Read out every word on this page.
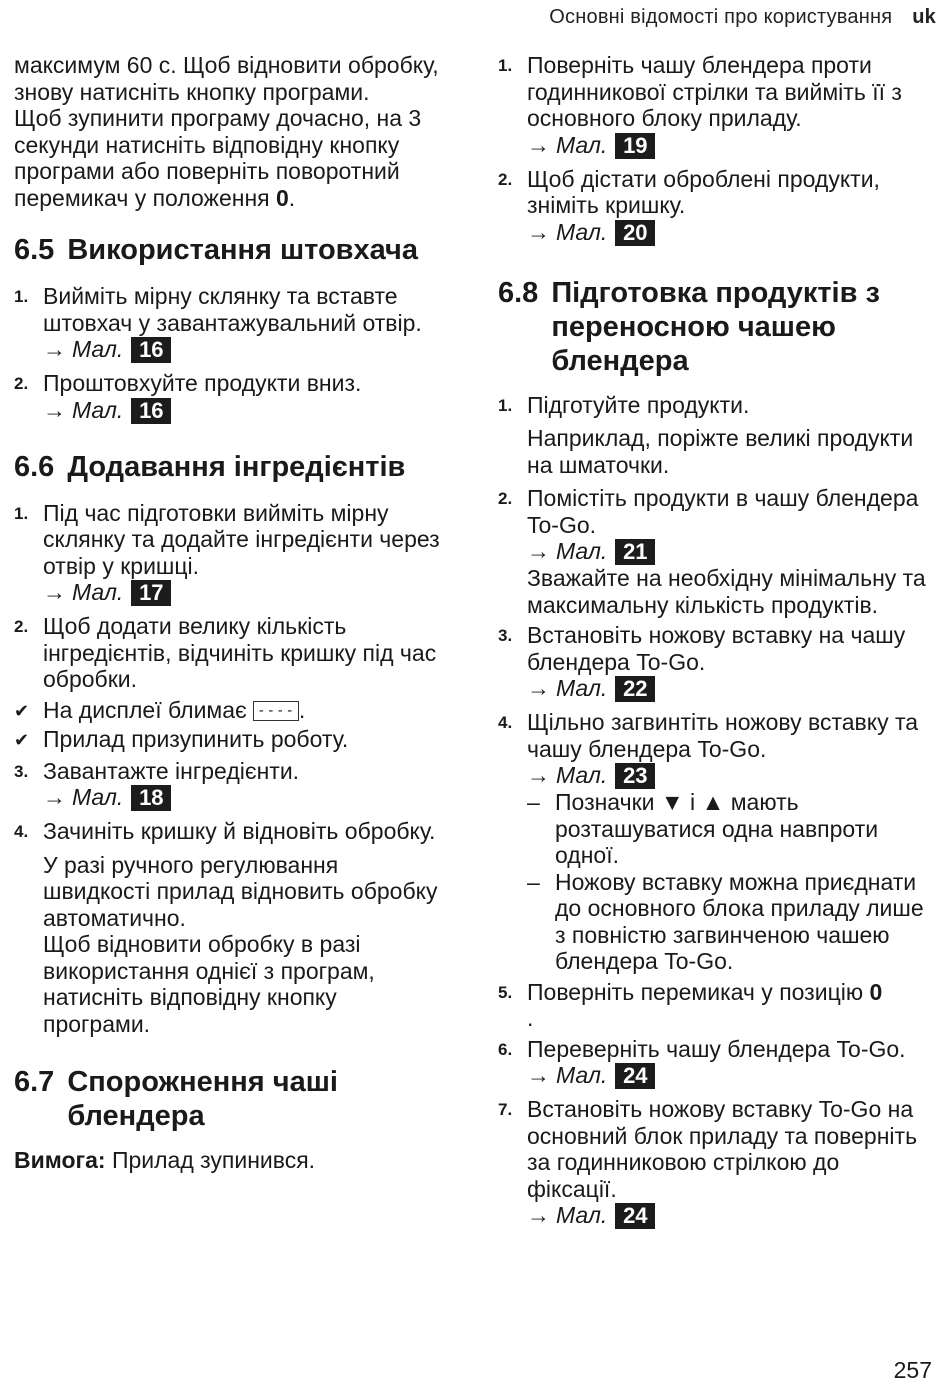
Основні відомості про користування uk

максимум 60 с. Щоб відновити обробку, знову натисніть кнопку програми.

Щоб зупинити програму дочасно, на 3 секунди натисніть відповідну кнопку програми або поверніть поворотний перемикач у положення 0.

6.5 Використання штовхача
1. Вийміть мірну склянку та вставте штовхач у завантажувальний отвір.
→ Мал. 16
2. Проштовхуйте продукти вниз.
→ Мал. 16
6.6 Додавання інгредієнтів
1. Під час підготовки вийміть мірну склянку та додайте інгредієнти через отвір у кришці.
→ Мал. 17
2. Щоб додати велику кількість інгредієнтів, відчиніть кришку під час обробки.
✔ На дисплеї блимає ---- .
✔ Прилад призупинить роботу.
3. Завантажте інгредієнти.
→ Мал. 18
4. Зачиніть кришку й відновіть обробку.
У разі ручного регулювання швидкості прилад відновить обробку автоматично.
Щоб відновити обробку в разі використання однієї з програм, натисніть відповідну кнопку програми.
6.7 Спорожнення чаші блендера

Вимога: Прилад зупинився.

1. Поверніть чашу блендера проти годинникової стрілки та вийміть її з основного блоку приладу.
→ Мал. 19
2. Щоб дістати оброблені продукти, зніміть кришку.
→ Мал. 20
6.8 Підготовка продуктів з переносною чашею блендера
1. Підготуйте продукти.
Наприклад, поріжте великі продукти на шматочки.
2. Помістіть продукти в чашу блендера To-Go.
→ Мал. 21
Зважайте на необхідну мінімальну та максимальну кількість продуктів.
3. Встановіть ножову вставку на чашу блендера To-Go.
→ Мал. 22
4. Щільно загвинтіть ножову вставку та чашу блендера To-Go.
→ Мал. 23
– Позначки ▼ і ▲ мають розташуватися одна навпроти одної.
– Ножову вставку можна приєднати до основного блока приладу лише з повністю загвинченою чашею блендера To-Go.
5. Поверніть перемикач у позицію 0
.
6. Переверніть чашу блендера To-Go.
→ Мал. 24
7. Встановіть ножову вставку To-Go на основний блок приладу та поверніть за годинниковою стрілкою до фіксації.
→ Мал. 24
257
